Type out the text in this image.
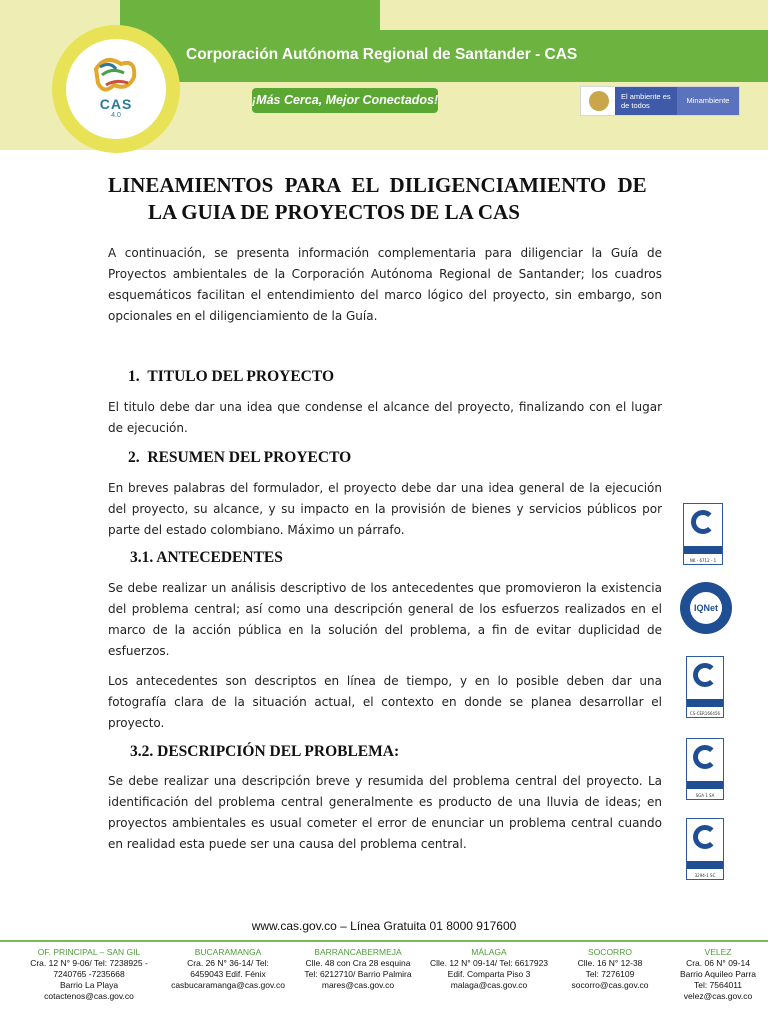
Corporación Autónoma Regional de Santander - CAS
CAS
4.0
¡Más Cerca, Mejor Conectados!	El ambiente es de todos
Minambiente
LINEAMIENTOS PARA EL DILIGENCIAMIENTO DE
LA GUIA DE PROYECTOS DE LA CAS
A continuación, se presenta información complementaria para diligenciar la Guía de Proyectos ambientales de la Corporación Autónoma Regional de Santander; los cuadros esquemáticos facilitan el entendimiento del marco lógico del proyecto, sin embargo, son opcionales en el diligenciamiento de la Guía.
1.  TITULO DEL PROYECTO
El titulo debe dar una idea que condense el alcance del proyecto, finalizando con el lugar de ejecución.
2.  RESUMEN DEL PROYECTO
En breves palabras del formulador, el proyecto debe dar una idea general de la ejecución del proyecto, su alcance, y su impacto en la provisión de bienes y servicios públicos por parte del estado colombiano. Máximo un párrafo.
3.1. ANTECEDENTES
Se debe realizar un análisis descriptivo de los antecedentes que promovieron la existencia del problema central; así como una descripción general de los esfuerzos realizados en el marco de la acción pública en la solución del problema, a fin de evitar duplicidad de esfuerzos.
Los antecedentes son descriptos en línea de tiempo, y en lo posible deben dar una fotografía clara de la situación actual, el contexto en donde se planea desarrollar el proyecto.
3.2. DESCRIPCIÓN DEL PROBLEMA:
Se debe realizar una descripción breve y resumida del problema central del proyecto. La identificación del problema central generalmente es producto de una lluvia de ideas; en proyectos ambientales es usual cometer el error de enunciar un problema central cuando en realidad esta puede ser una causa del problema central.
NK - 6712 - 1
IQNet
CS-CER166456
SGA 1 SA
3294-1 SC
www.cas.gov.co – Línea Gratuita 01 8000 917600
OF. PRINCIPAL – SAN GIL
Cra. 12 N° 9-06/ Tel: 7238925 -
7240765 -7235668
Barrio La Playa
cotactenos@cas.gov.co
BUCARAMANGA
Cra. 26 N° 36-14/ Tel:
6459043 Edif. Fénix
casbucaramanga@cas.gov.co
BARRANCABERMEJA
Clle. 48 con Cra 28 esquina
Tel: 6212710/ Barrio Palmira
mares@cas.gov.co
MÁLAGA
Clle. 12 N° 09-14/ Tel: 6617923
Edif. Comparta Piso 3
malaga@cas.gov.co
SOCORRO
Clle. 16 N° 12-38
Tel: 7276109
socorro@cas.gov.co
VELEZ
Cra. 06 N° 09-14
Barrio Aquileo Parra
Tel: 7564011
velez@cas.gov.co
